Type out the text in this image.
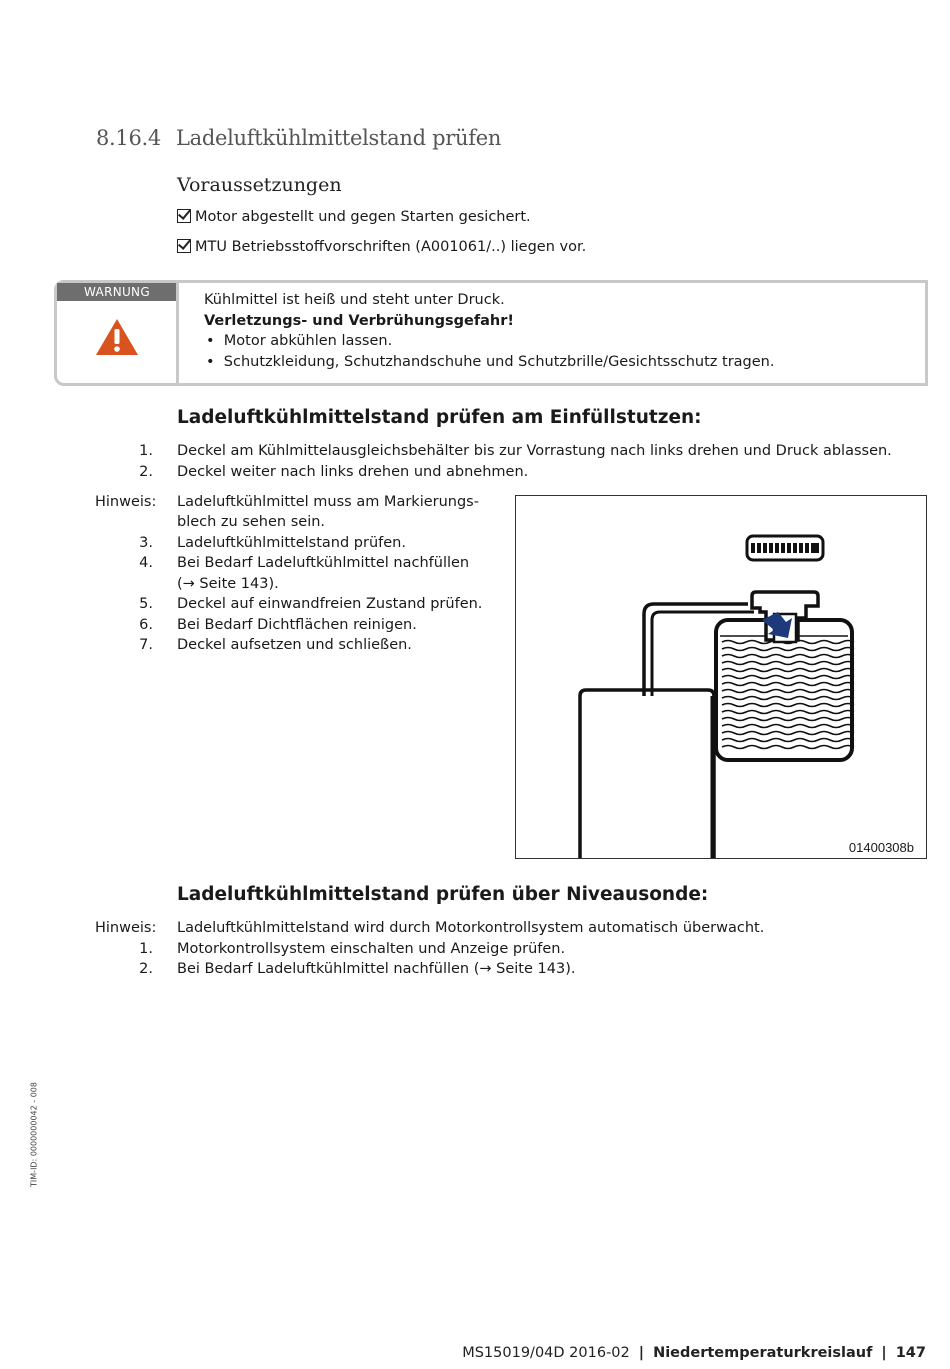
8.16.4 Ladeluftkühlmittelstand prüfen
Voraussetzungen
Motor abgestellt und gegen Starten gesichert.
MTU Betriebsstoffvorschriften (A001061/..) liegen vor.
WARNUNG	Kühlmittel ist heiß und steht unter Druck.
Verletzungs- und Verbrühungsgefahr!
•  Motor abkühlen lassen.
•  Schutzkleidung, Schutzhandschuhe und Schutzbrille/Gesichtsschutz tragen.
Ladeluftkühlmittelstand prüfen am Einfüllstutzen:
1. Deckel am Kühlmittelausgleichsbehälter bis zur Vorrastung nach links drehen und Druck ablassen.
2. Deckel weiter nach links drehen und abnehmen.
Hinweis: Ladeluftkühlmittel muss am Markierungs-
blech zu sehen sein.
3. Ladeluftkühlmittelstand prüfen.
4. Bei Bedarf Ladeluftkühlmittel nachfüllen
(→ Seite 143).
5. Deckel auf einwandfreien Zustand prüfen.
6. Bei Bedarf Dichtflächen reinigen.
7. Deckel aufsetzen und schließen.
01400308b
Ladeluftkühlmittelstand prüfen über Niveausonde:
Hinweis: Ladeluftkühlmittelstand wird durch Motorkontrollsystem automatisch überwacht.
1. Motorkontrollsystem einschalten und Anzeige prüfen.
2. Bei Bedarf Ladeluftkühlmittel nachfüllen (→ Seite 143).
TIM-ID: 0000000042 - 008
MS15019/04D 2016-02 | Niedertemperaturkreislauf | 147
